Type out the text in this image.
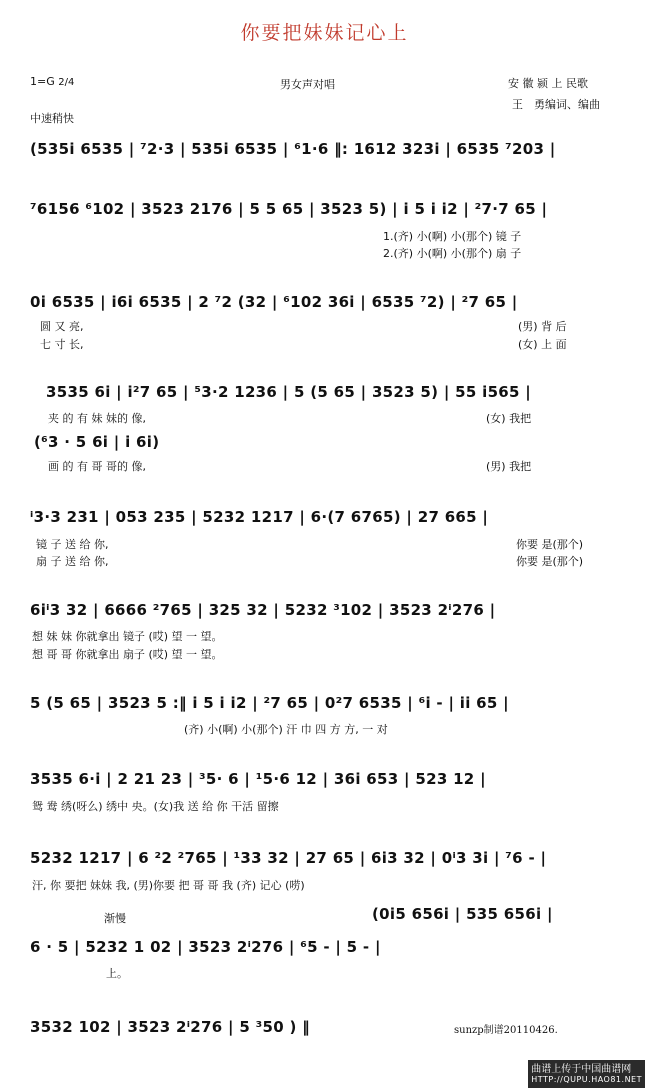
你要把妹妹记心上
1=G 2/4	男女声对唱	安 徽 颍 上 民歌
王　勇编词、编曲
中速稍快
(535i 6535 | ⁷2·3 | 535i 6535 | ⁶1·6 ‖: 1612 323i | 6535 ⁷203 |
⁷6156 ⁶102 | 3523 2176 | 5 5 65 | 3523 5) | i 5 i i2 | ²7·7 65 |
1.(齐) 小(啊) 小(那个) 镜 子
2.(齐) 小(啊) 小(那个) 扇 子
0i 6535 | i6i 6535 | 2 ⁷2 (32 | ⁶102 36i | 6535 ⁷2) | ²7 65 |
圆 又 亮,
七 寸 长,
(男) 背 后
(女) 上 面
3535 6i | i²7 65 | ⁵3·2 1236 | 5 (5 65 | 3523 5) | 55 i565 |
夹 的 有 妹 妹的 像,	(女) 我把
(⁶3 · 5 6i | i 6i)
画 的 有 哥 哥的 像,	(男) 我把
ⁱ3·3 231 | 053 235 | 5232 1217 | 6·(7 6765) | 27 665 |
镜 子 送 给 你,
扇 子 送 给 你,
你要 是(那个)
你要 是(那个)
6iⁱ3 32 | 6666 ²765 | 325 32 | 5232 ³102 | 3523 2ⁱ276 |
想 妹 妹 你就拿出 镜子 (哎) 望 一 望。
想 哥 哥 你就拿出 扇子 (哎) 望 一 望。
5 (5 65 | 3523 5 :‖ i 5 i i2 | ²7 65 | 0²7 6535 | ⁶i - | ii 65 |
(齐) 小(啊) 小(那个) 汗 巾 四 方 方, 一 对
3535 6·i | 2 21 23 | ³5· 6 | ¹5·6 12 | 36i 653 | 523 12 |
鸳 鸯 绣(呀么) 绣中 央。(女)我 送 给 你 干活 留擦
5232 1217 | 6 ²2 ²765 | ¹33 32 | 27 65 | 6i3 32 | 0ⁱ3 3i | ⁷6 - |
汗, 你 要把 妹妹 我, (男)你要 把 哥 哥 我 (齐) 记心 (唠)
渐慢	(0i5 656i | 535 656i |
6 · 5 | 5232 1 02 | 3523 2ⁱ276 | ⁶5 - | 5 - |
上。
3532 102 | 3523 2ⁱ276 | 5 ³50 ) ‖	sunzp制谱20110426.
曲谱上传于中国曲谱网
HTTP://QUPU.HAO81.NET
